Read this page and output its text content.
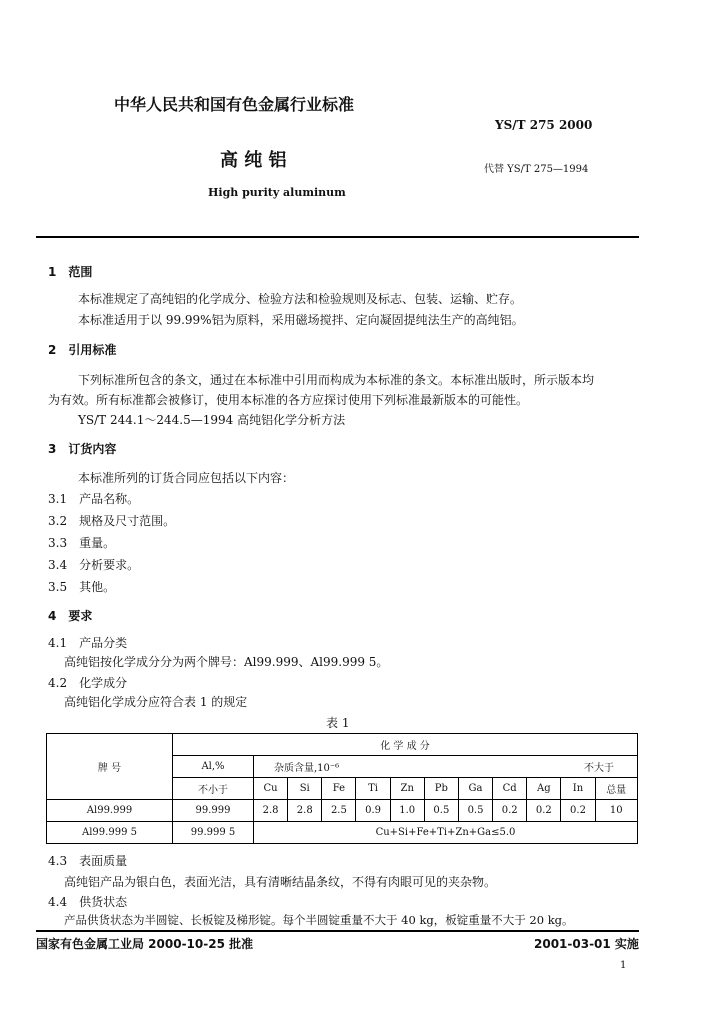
中华人民共和国有色金属行业标准
YS/T 275 2000
高 纯 铝	代替 YS/T 275—1994
High purity aluminum
1　 范围
本标准规定了高纯铝的化学成分、检验方法和检验规则及标志、包装、运输、贮存。
本标准适用于以 99.99%铝为原料，采用磁场搅拌、定向凝固提纯法生产的高纯铝。
2　 引用标准
下列标准所包含的条文，通过在本标准中引用而构成为本标准的条文。本标准出版时，所示版本均
为有效。所有标准都会被修订，使用本标准的各方应探讨使用下列标准最新版本的可能性。
YS/T 244.1～244.5—1994 高纯铝化学分析方法
3　 订货内容
本标准所列的订货合同应包括以下内容：
3.1　 产品名称。
3.2　 规格及尺寸范围。
3.3　 重量。
3.4　 分析要求。
3.5　 其他。
4　 要求
4.1　 产品分类
高纯铝按化学成分分为两个牌号：Al99.999、Al99.999 5。
4.2　 化学成分
高纯铝化学成分应符合表 1 的规定
表 1
牌 号	化 学 成 分											
	Al,%	杂质含量,10⁻⁶									不大于	
	不小于	Cu	Si	Fe	Ti	Zn	Pb	Ga	Cd	Ag	In	总量
Al99.999	99.999	2.8	2.8	2.5	0.9	1.0	0.5	0.5	0.2	0.2	0.2	10
Al99.999 5	99.999 5	Cu+Si+Fe+Ti+Zn+Ga≤5.0										
4.3　 表面质量
高纯铝产品为银白色，表面光洁，具有清晰结晶条纹，不得有肉眼可见的夹杂物。
4.4　 供货状态
产品供货状态为半圆锭、长板锭及梯形锭。每个半圆锭重量不大于 40 kg，板锭重量不大于 20 kg。
国家有色金属工业局 2000-10-25 批准	2001-03-01 实施
1
